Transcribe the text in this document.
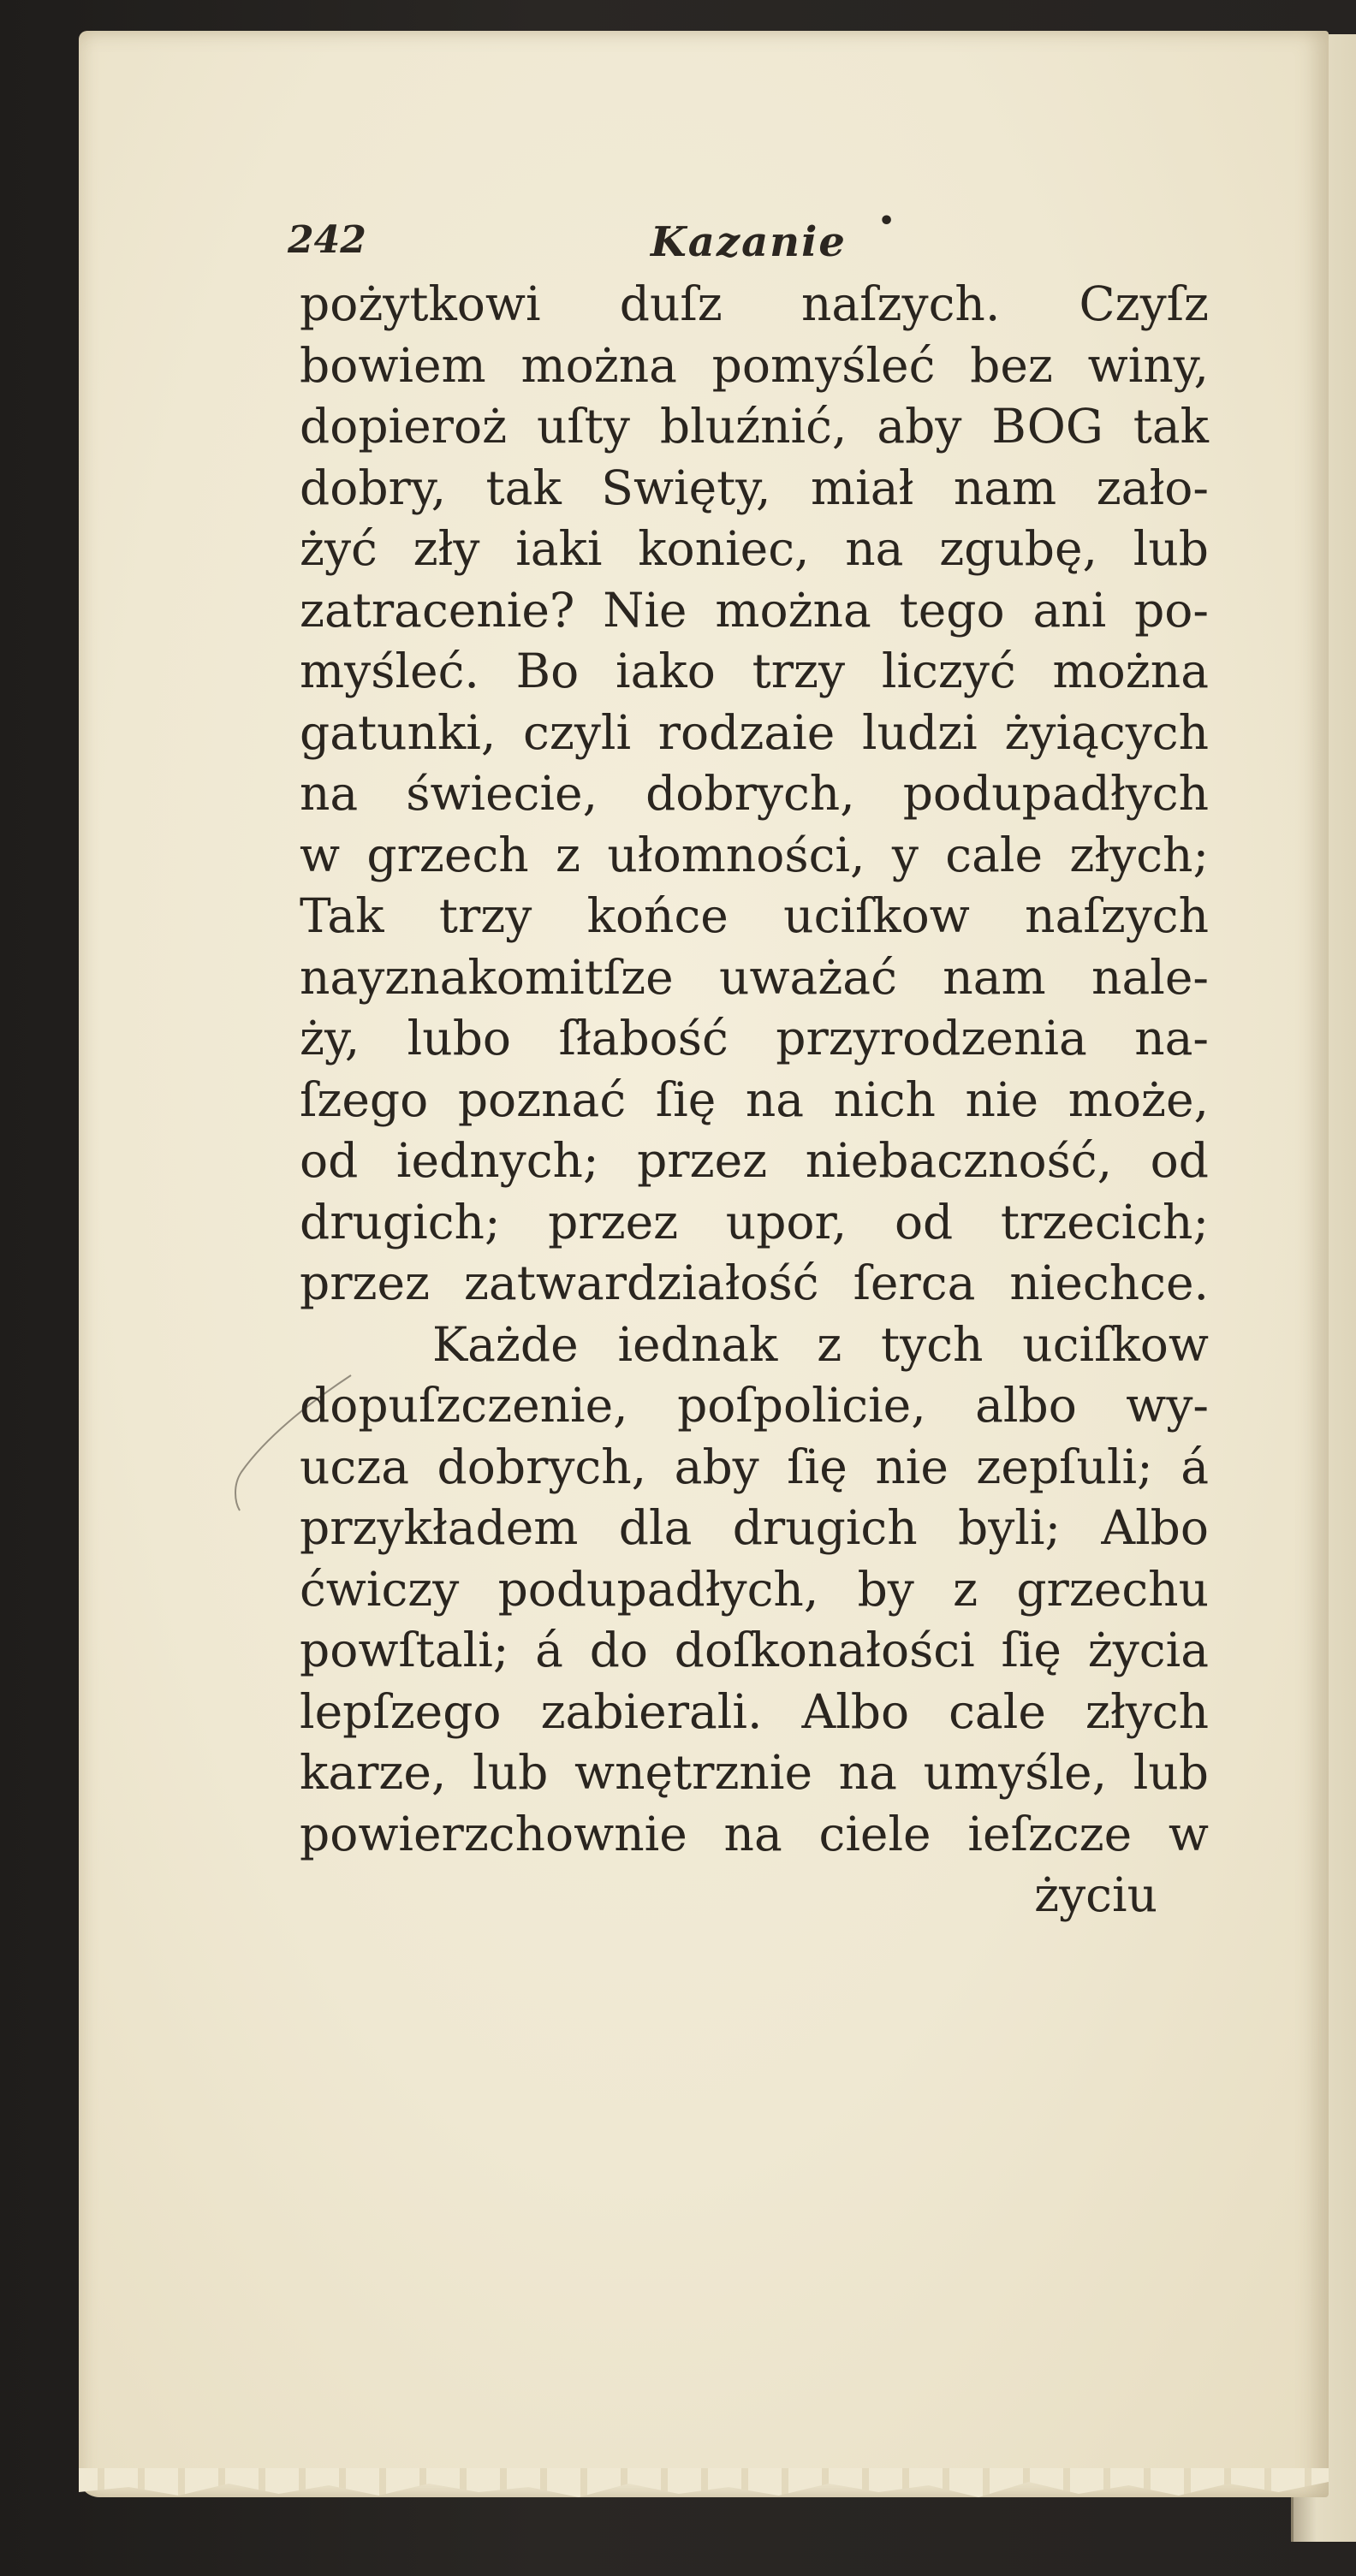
242	Kazanie •
pożytkowi duſz naſzych. Czyſz
bowiem można pomyśleć bez winy,
dopieroż uſty bluźnić, aby BOG tak
dobry, tak Swięty, miał nam zało-
żyć zły iaki koniec, na zgubę, lub
zatracenie? Nie można tego ani po-
myśleć. Bo iako trzy liczyć można
gatunki, czyli rodzaie ludzi żyiących
na świecie, dobrych, podupadłych
w grzech z ułomności, y cale złych;
Tak trzy końce uciſkow naſzych
nayznakomitſze uważać nam nale-
ży, lubo ſłabość przyrodzenia na-
ſzego poznać ſię na nich nie może,
od iednych; przez niebaczność, od
drugich; przez upor, od trzecich;
przez zatwardziałość ſerca niechce.
Każde iednak z tych uciſkow
dopuſzczenie, poſpolicie, albo wy-
ucza dobrych, aby ſię nie zepſuli; á
przykładem dla drugich byli; Albo
ćwiczy podupadłych, by z grzechu
powſtali; á do doſkonałości ſię życia
lepſzego zabierali. Albo cale złych
karze, lub wnętrznie na umyśle, lub
powierzchownie na ciele ieſzcze w
życiu
